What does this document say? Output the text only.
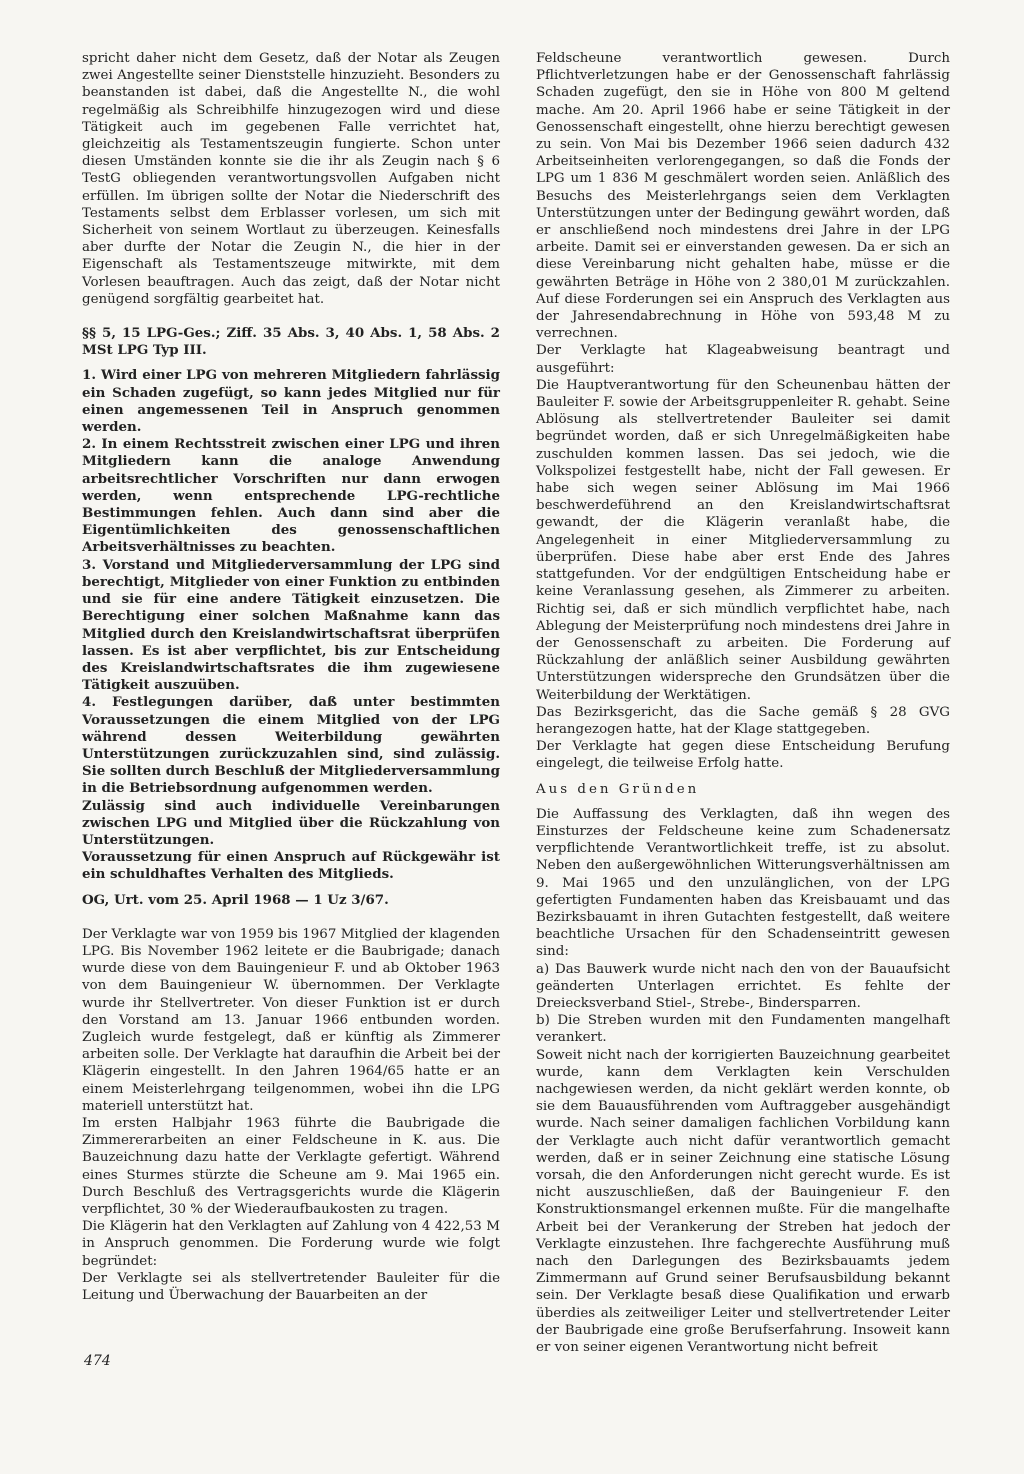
spricht daher nicht dem Gesetz, daß der Notar als Zeugen zwei Angestellte seiner Dienststelle hinzuzieht. Besonders zu beanstanden ist dabei, daß die Angestellte N., die wohl regelmäßig als Schreibhilfe hinzugezogen wird und diese Tätigkeit auch im gegebenen Falle verrichtet hat, gleichzeitig als Testamentszeugin fungierte. Schon unter diesen Umständen konnte sie die ihr als Zeugin nach § 6 TestG obliegenden verantwortungsvollen Aufgaben nicht erfüllen. Im übrigen sollte der Notar die Niederschrift des Testaments selbst dem Erblasser vorlesen, um sich mit Sicherheit von seinem Wortlaut zu überzeugen. Keinesfalls aber durfte der Notar die Zeugin N., die hier in der Eigenschaft als Testamentszeuge mitwirkte, mit dem Vorlesen beauftragen. Auch das zeigt, daß der Notar nicht genügend sorgfältig gearbeitet hat.

§§ 5, 15 LPG-Ges.; Ziff. 35 Abs. 3, 40 Abs. 1, 58 Abs. 2 MSt LPG Typ III.

1. Wird einer LPG von mehreren Mitgliedern fahrlässig ein Schaden zugefügt, so kann jedes Mitglied nur für einen angemessenen Teil in Anspruch genommen werden.

2. In einem Rechtsstreit zwischen einer LPG und ihren Mitgliedern kann die analoge Anwendung arbeitsrechtlicher Vorschriften nur dann erwogen werden, wenn entsprechende LPG-rechtliche Bestimmungen fehlen. Auch dann sind aber die Eigentümlichkeiten des genossenschaftlichen Arbeitsverhältnisses zu beachten.

3. Vorstand und Mitgliederversammlung der LPG sind berechtigt, Mitglieder von einer Funktion zu entbinden und sie für eine andere Tätigkeit einzusetzen. Die Berechtigung einer solchen Maßnahme kann das Mitglied durch den Kreislandwirtschaftsrat überprüfen lassen. Es ist aber verpflichtet, bis zur Entscheidung des Kreislandwirtschaftsrates die ihm zugewiesene Tätigkeit auszuüben.

4. Festlegungen darüber, daß unter bestimmten Voraussetzungen die einem Mitglied von der LPG während dessen Weiterbildung gewährten Unterstützungen zurückzuzahlen sind, sind zulässig. Sie sollten durch Beschluß der Mitgliederversammlung in die Betriebsordnung aufgenommen werden.

Zulässig sind auch individuelle Vereinbarungen zwischen LPG und Mitglied über die Rückzahlung von Unterstützungen.

Voraussetzung für einen Anspruch auf Rückgewähr ist ein schuldhaftes Verhalten des Mitglieds.

OG, Urt. vom 25. April 1968 — 1 Uz 3/67.

Der Verklagte war von 1959 bis 1967 Mitglied der klagenden LPG. Bis November 1962 leitete er die Baubrigade; danach wurde diese von dem Bauingenieur F. und ab Oktober 1963 von dem Bauingenieur W. übernommen. Der Verklagte wurde ihr Stellvertreter. Von dieser Funktion ist er durch den Vorstand am 13. Januar 1966 entbunden worden. Zugleich wurde festgelegt, daß er künftig als Zimmerer arbeiten solle. Der Verklagte hat daraufhin die Arbeit bei der Klägerin eingestellt. In den Jahren 1964/65 hatte er an einem Meisterlehrgang teilgenommen, wobei ihn die LPG materiell unterstützt hat.

Im ersten Halbjahr 1963 führte die Baubrigade die Zimmererarbeiten an einer Feldscheune in K. aus. Die Bauzeichnung dazu hatte der Verklagte gefertigt. Während eines Sturmes stürzte die Scheune am 9. Mai 1965 ein. Durch Beschluß des Vertragsgerichts wurde die Klägerin verpflichtet, 30 % der Wiederaufbaukosten zu tragen.

Die Klägerin hat den Verklagten auf Zahlung von 4 422,53 M in Anspruch genommen. Die Forderung wurde wie folgt begründet:

Der Verklagte sei als stellvertretender Bauleiter für die Leitung und Überwachung der Bauarbeiten an der

Feldscheune verantwortlich gewesen. Durch Pflichtverletzungen habe er der Genossenschaft fahrlässig Schaden zugefügt, den sie in Höhe von 800 M geltend mache. Am 20. April 1966 habe er seine Tätigkeit in der Genossenschaft eingestellt, ohne hierzu berechtigt gewesen zu sein. Von Mai bis Dezember 1966 seien dadurch 432 Arbeitseinheiten verlorengegangen, so daß die Fonds der LPG um 1 836 M geschmälert worden seien. Anläßlich des Besuchs des Meisterlehrgangs seien dem Verklagten Unterstützungen unter der Bedingung gewährt worden, daß er anschließend noch mindestens drei Jahre in der LPG arbeite. Damit sei er einverstanden gewesen. Da er sich an diese Vereinbarung nicht gehalten habe, müsse er die gewährten Beträge in Höhe von 2 380,01 M zurückzahlen. Auf diese Forderungen sei ein Anspruch des Verklagten aus der Jahresendabrechnung in Höhe von 593,48 M zu verrechnen.

Der Verklagte hat Klageabweisung beantragt und ausgeführt:

Die Hauptverantwortung für den Scheunenbau hätten der Bauleiter F. sowie der Arbeitsgruppenleiter R. gehabt. Seine Ablösung als stellvertretender Bauleiter sei damit begründet worden, daß er sich Unregelmäßigkeiten habe zuschulden kommen lassen. Das sei jedoch, wie die Volkspolizei festgestellt habe, nicht der Fall gewesen. Er habe sich wegen seiner Ablösung im Mai 1966 beschwerdeführend an den Kreislandwirtschaftsrat gewandt, der die Klägerin veranlaßt habe, die Angelegenheit in einer Mitgliederversammlung zu überprüfen. Diese habe aber erst Ende des Jahres stattgefunden. Vor der endgültigen Entscheidung habe er keine Veranlassung gesehen, als Zimmerer zu arbeiten. Richtig sei, daß er sich mündlich verpflichtet habe, nach Ablegung der Meisterprüfung noch mindestens drei Jahre in der Genossenschaft zu arbeiten. Die Forderung auf Rückzahlung der anläßlich seiner Ausbildung gewährten Unterstützungen widerspreche den Grundsätzen über die Weiterbildung der Werktätigen.

Das Bezirksgericht, das die Sache gemäß § 28 GVG herangezogen hatte, hat der Klage stattgegeben.

Der Verklagte hat gegen diese Entscheidung Berufung eingelegt, die teilweise Erfolg hatte.

Aus den Gründen

Die Auffassung des Verklagten, daß ihn wegen des Einsturzes der Feldscheune keine zum Schadenersatz verpflichtende Verantwortlichkeit treffe, ist zu absolut. Neben den außergewöhnlichen Witterungsverhältnissen am 9. Mai 1965 und den unzulänglichen, von der LPG gefertigten Fundamenten haben das Kreisbauamt und das Bezirksbauamt in ihren Gutachten festgestellt, daß weitere beachtliche Ursachen für den Schadenseintritt gewesen sind:

a) Das Bauwerk wurde nicht nach den von der Bauaufsicht geänderten Unterlagen errichtet. Es fehlte der Dreiecksverband Stiel-, Strebe-, Bindersparren.

b) Die Streben wurden mit den Fundamenten mangelhaft verankert.

Soweit nicht nach der korrigierten Bauzeichnung gearbeitet wurde, kann dem Verklagten kein Verschulden nachgewiesen werden, da nicht geklärt werden konnte, ob sie dem Bauausführenden vom Auftraggeber ausgehändigt wurde. Nach seiner damaligen fachlichen Vorbildung kann der Verklagte auch nicht dafür verantwortlich gemacht werden, daß er in seiner Zeichnung eine statische Lösung vorsah, die den Anforderungen nicht gerecht wurde. Es ist nicht auszuschließen, daß der Bauingenieur F. den Konstruktionsmangel erkennen mußte. Für die mangelhafte Arbeit bei der Verankerung der Streben hat jedoch der Verklagte einzustehen. Ihre fachgerechte Ausführung muß nach den Darlegungen des Bezirksbauamts jedem Zimmermann auf Grund seiner Berufsausbildung bekannt sein. Der Verklagte besaß diese Qualifikation und erwarb überdies als zeitweiliger Leiter und stellvertretender Leiter der Baubrigade eine große Berufserfahrung. Insoweit kann er von seiner eigenen Verantwortung nicht befreit

474
